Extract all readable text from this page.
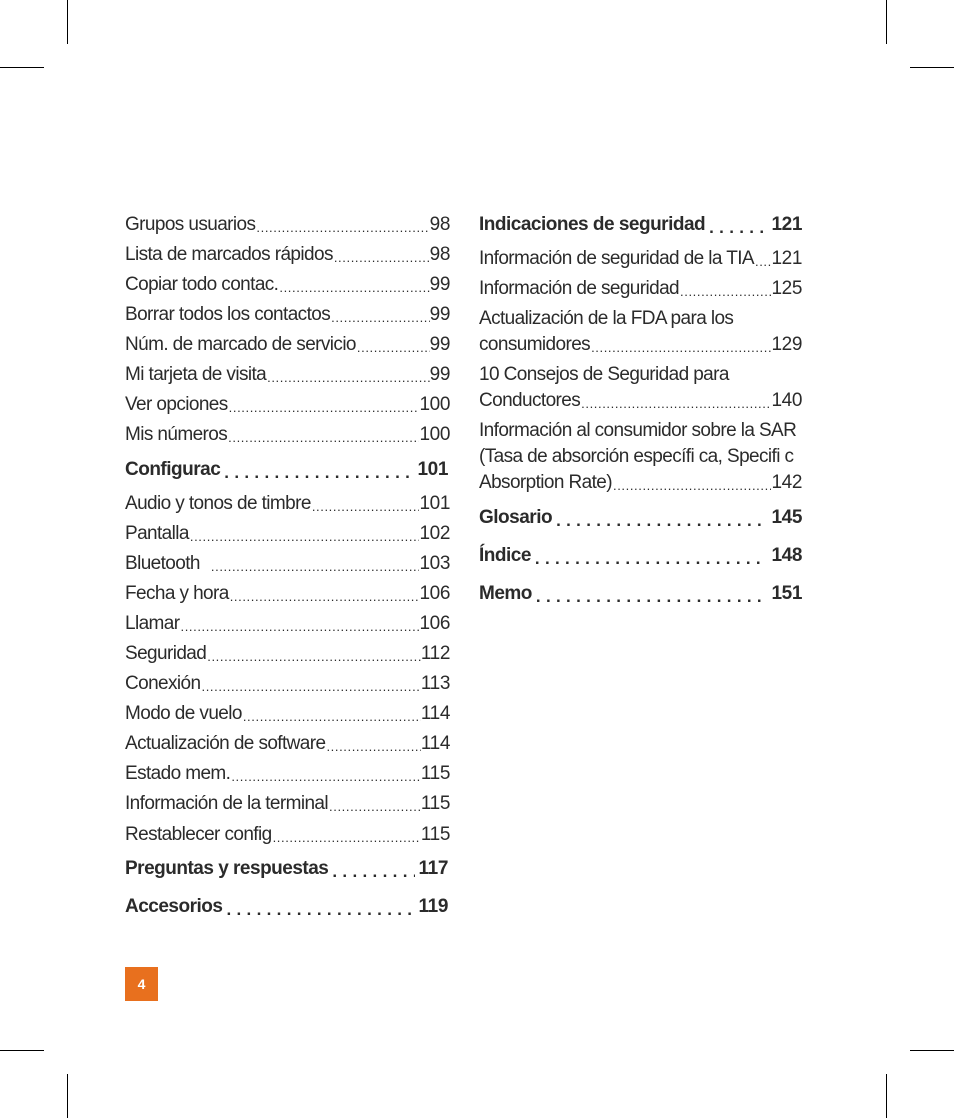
Grupos usuarios .....	98
Lista de marcados rápidos .....	98
Copiar todo contac. .....	99
Borrar todos los contactos .....	99
Núm. de marcado de servicio .....	99
Mi tarjeta de visita .....	99
Ver opciones .....	100
Mis números .....	100
Configurac . . .	101
Audio y tonos de timbre .....	101
Pantalla .....	102
Bluetooth .....	103
Fecha y hora .....	106
Llamar .....	106
Seguridad .....	112
Conexión .....	113
Modo de vuelo .....	114
Actualización de software .....	114
Estado mem. .....	115
Información de la terminal .....	115
Restablecer config .....	115
Preguntas y respuestas . . .	117
Accesorios . . .	119
Indicaciones de seguridad . . .	121
Información de seguridad de la TIA ..... 121
Información de seguridad .....	125
Actualización de la FDA para los
consumidores .....	129
10 Consejos de Seguridad para
Conductores .....	140
Información al consumidor sobre la SAR
(Tasa de absorción específi ca, Specifi c
Absorption Rate) .....	142
Glosario . . .	145
Índice . . .	148
Memo . . .	151
4
